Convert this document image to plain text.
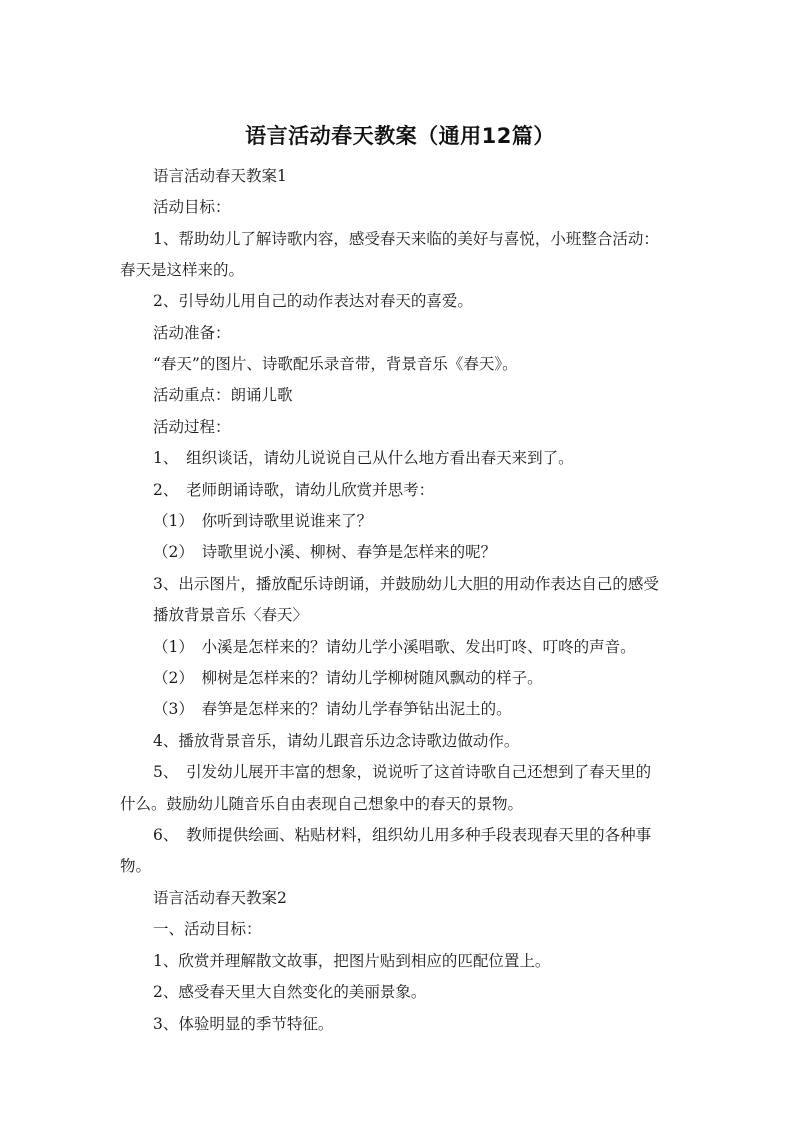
语言活动春天教案（通用12篇）
语言活动春天教案1
活动目标：
1、帮助幼儿了解诗歌内容，感受春天来临的美好与喜悦，小班整合活动：
春天是这样来的。
2、引导幼儿用自己的动作表达对春天的喜爱。
活动准备：
“春天”的图片、诗歌配乐录音带，背景音乐《春天》。
活动重点：朗诵儿歌
活动过程：
1、　组织谈话，请幼儿说说自己从什么地方看出春天来到了。
2、　老师朗诵诗歌，请幼儿欣赏并思考：
（1）　你听到诗歌里说谁来了？
（2）　诗歌里说小溪、柳树、春笋是怎样来的呢？
3、出示图片，播放配乐诗朗诵，并鼓励幼儿大胆的用动作表达自己的感受
播放背景音乐〈春天〉
（1）　小溪是怎样来的？请幼儿学小溪唱歌、发出叮咚、叮咚的声音。
（2）　柳树是怎样来的？请幼儿学柳树随风飘动的样子。
（3）　春笋是怎样来的？请幼儿学春笋钻出泥土的。
4、播放背景音乐，请幼儿跟音乐边念诗歌边做动作。
5、　引发幼儿展开丰富的想象，说说听了这首诗歌自己还想到了春天里的
什么。鼓励幼儿随音乐自由表现自己想象中的春天的景物。
6、　教师提供绘画、粘贴材料，组织幼儿用多种手段表现春天里的各种事
物。
语言活动春天教案2
一、活动目标：
1、欣赏并理解散文故事，把图片贴到相应的匹配位置上。
2、感受春天里大自然变化的美丽景象。
3、体验明显的季节特征。
